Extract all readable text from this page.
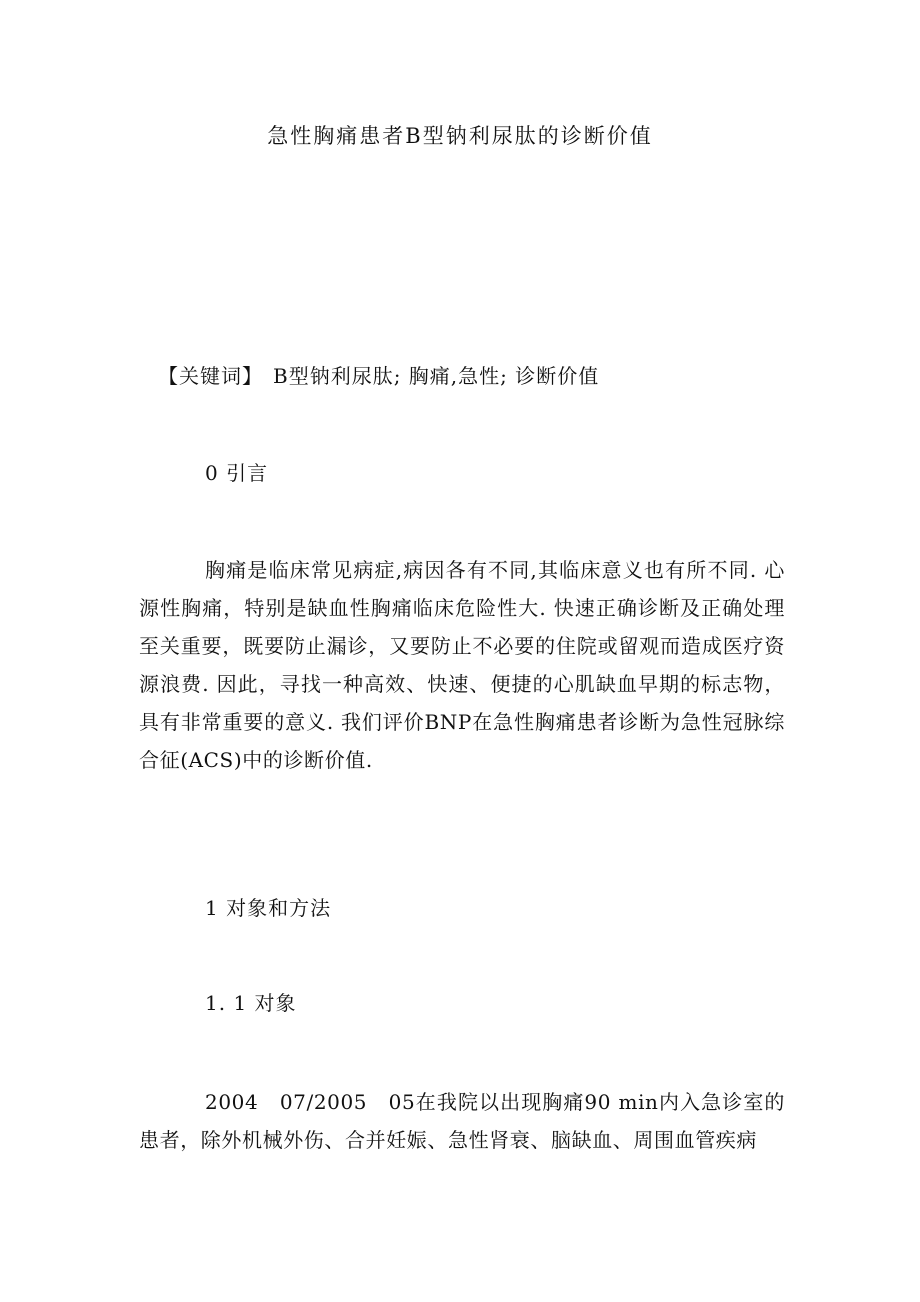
急性胸痛患者B型钠利尿肽的诊断价值

【关键词】 B型钠利尿肽; 胸痛,急性; 诊断价值

0 引言

胸痛是临床常见病症,病因各有不同,其临床意义也有所不同. 心源性胸痛，特别是缺血性胸痛临床危险性大. 快速正确诊断及正确处理至关重要，既要防止漏诊，又要防止不必要的住院或留观而造成医疗资源浪费. 因此，寻找一种高效、快速、便捷的心肌缺血早期的标志物，具有非常重要的意义. 我们评价BNP在急性胸痛患者诊断为急性冠脉综合征(ACS)中的诊断价值.

1 对象和方法
1. 1 对象

2004　07/2005　05在我院以出现胸痛90 min内入急诊室的患者，除外机械外伤、合并妊娠、急性肾衰、脑缺血、周围血管疾病
